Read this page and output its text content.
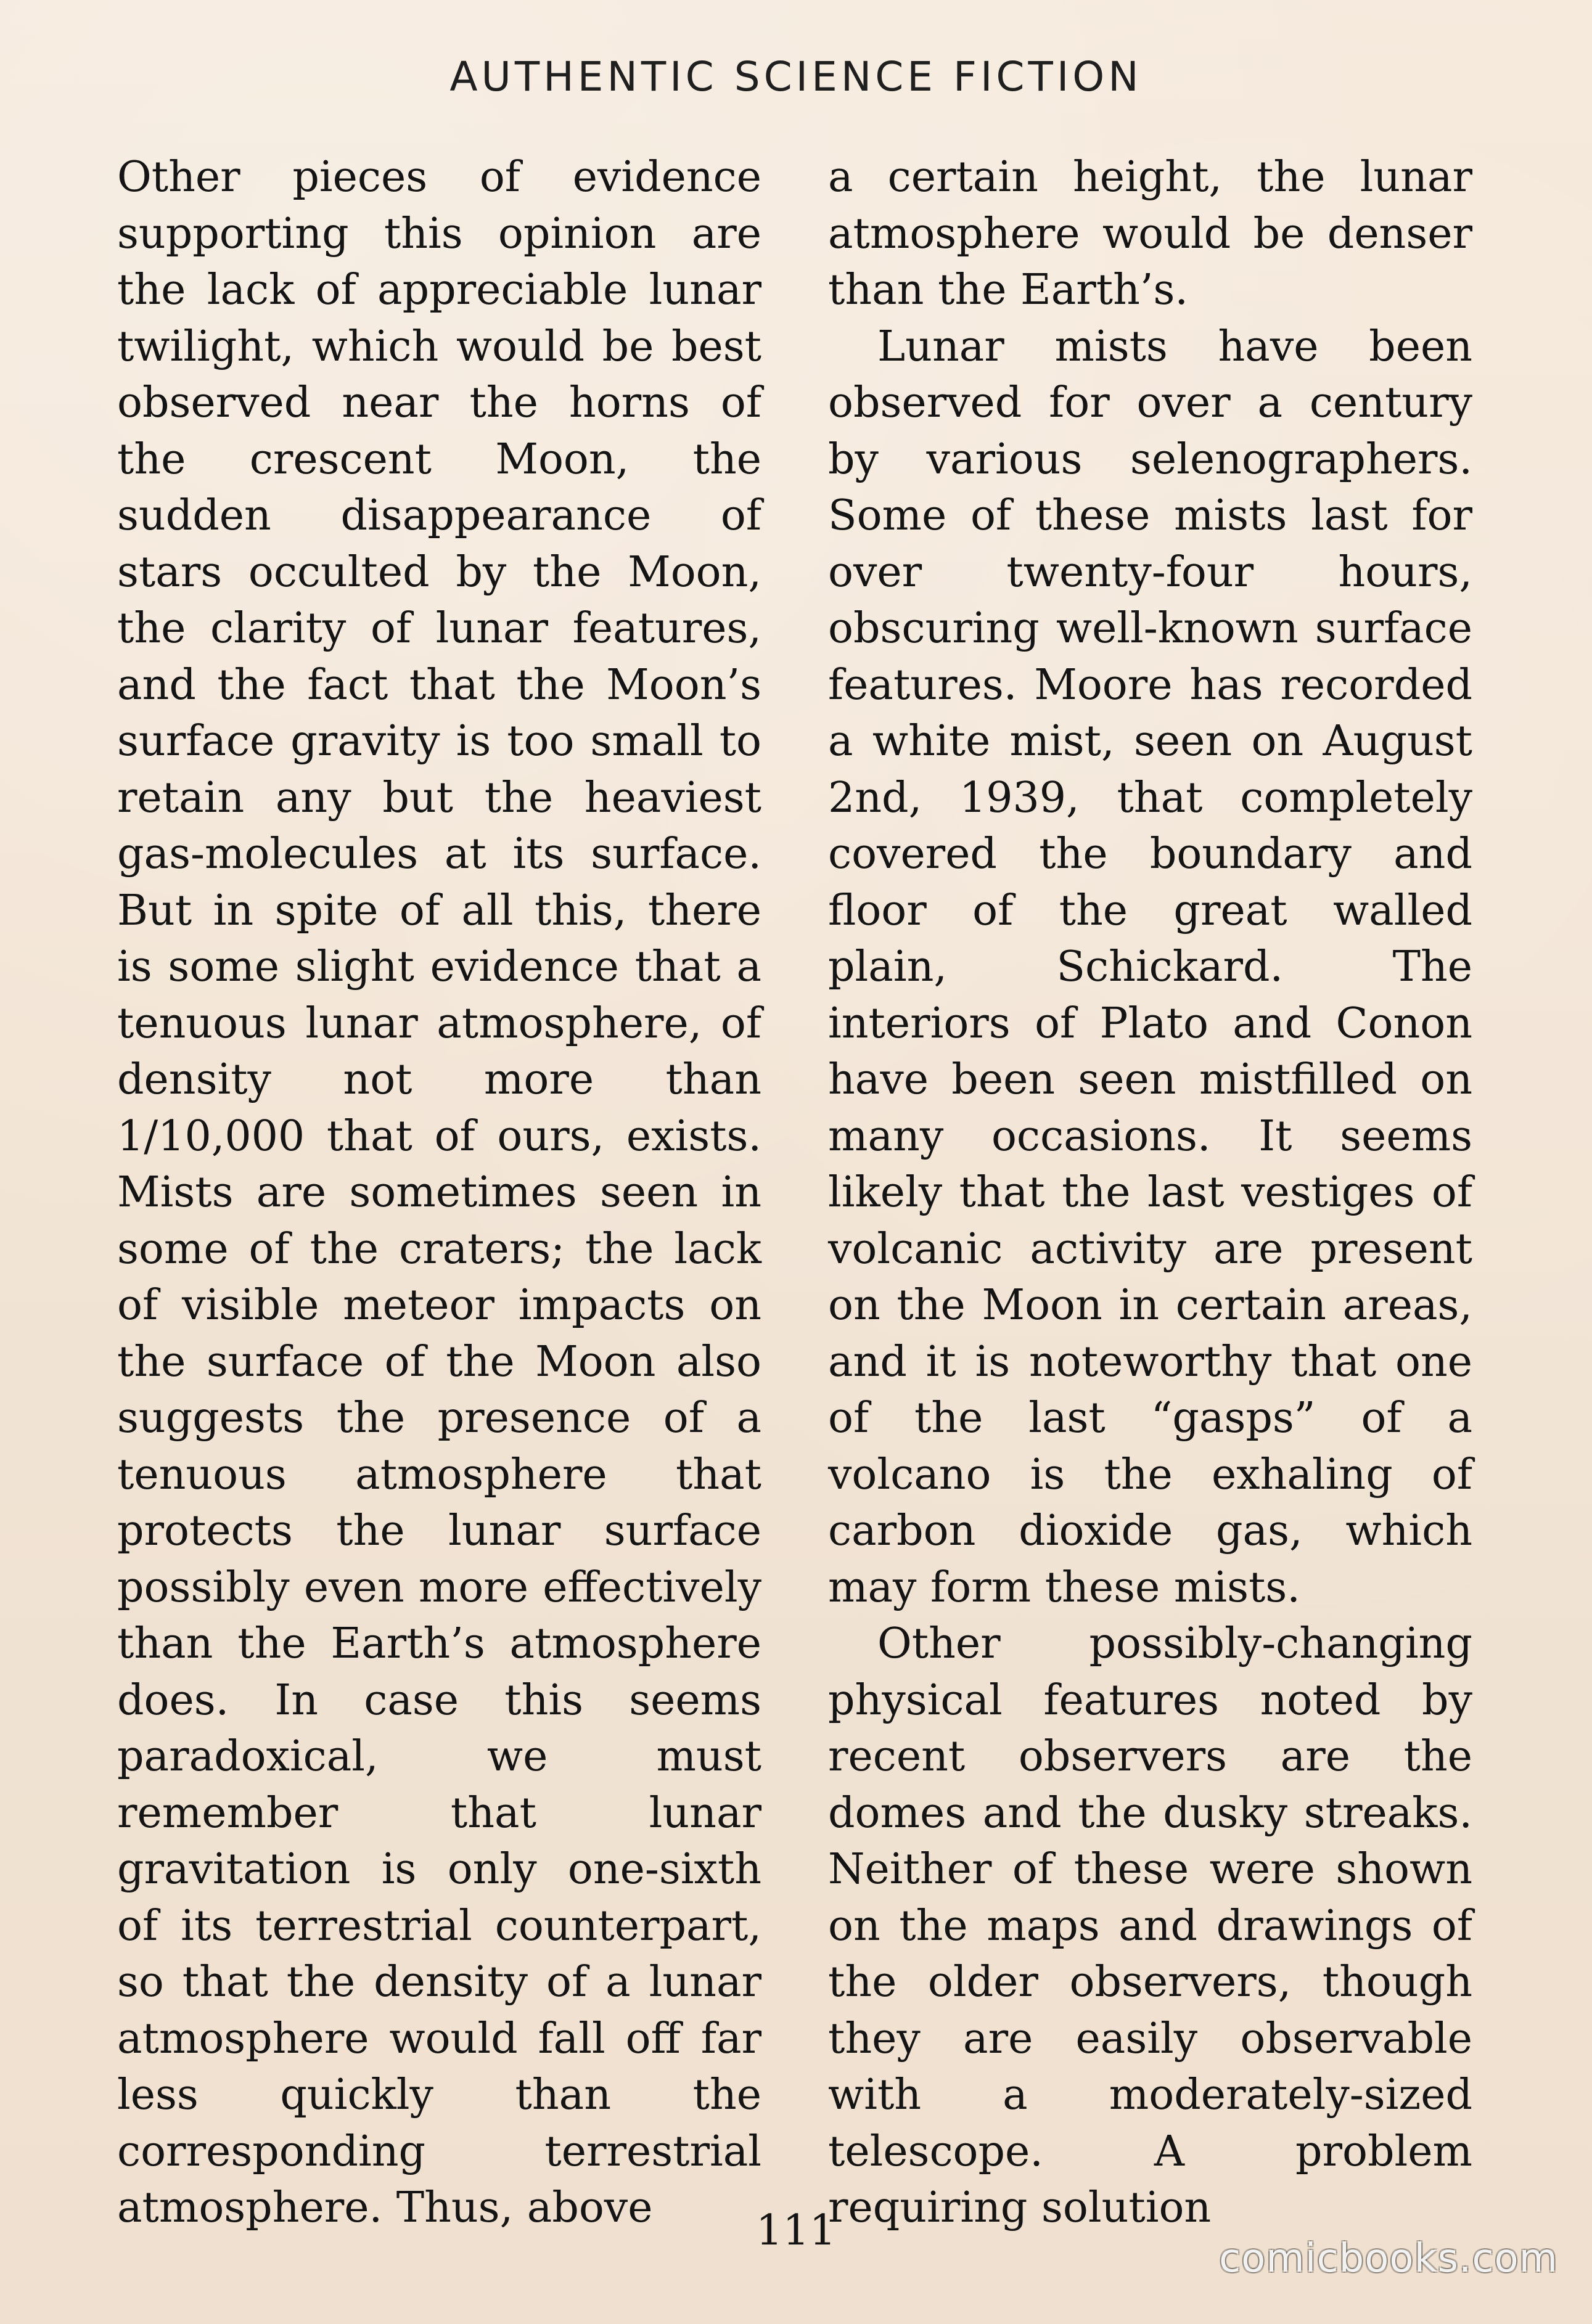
AUTHENTIC SCIENCE FICTION

Other pieces of evidence supporting this opinion are the lack of appreciable lunar twilight, which would be best observed near the horns of the crescent Moon, the sudden disappearance of stars occulted by the Moon, the clarity of lunar features, and the fact that the Moon’s surface gravity is too small to retain any but the heaviest gas-molecules at its surface. But in spite of all this, there is some slight evidence that a tenuous lunar atmosphere, of density not more than 1/10,000 that of ours, exists. Mists are sometimes seen in some of the craters; the lack of visible meteor impacts on the surface of the Moon also suggests the presence of a tenuous atmosphere that protects the lunar surface possibly even more effectively than the Earth’s atmosphere does. In case this seems paradoxical, we must remember that lunar gravitation is only one-sixth of its terrestrial counterpart, so that the density of a lunar atmosphere would fall off far less quickly than the corresponding terrestrial atmosphere. Thus, above

a certain height, the lunar atmosphere would be denser than the Earth’s.

Lunar mists have been observed for over a century by various selenographers. Some of these mists last for over twenty-four hours, obscuring well-known surface features. Moore has recorded a white mist, seen on August 2nd, 1939, that completely covered the boundary and floor of the great walled plain, Schickard. The interiors of Plato and Conon have been seen mistfilled on many occasions. It seems likely that the last vestiges of volcanic activity are present on the Moon in certain areas, and it is noteworthy that one of the last “gasps” of a volcano is the exhaling of carbon dioxide gas, which may form these mists.

Other possibly-changing physical features noted by recent observers are the domes and the dusky streaks. Neither of these were shown on the maps and drawings of the older observers, though they are easily observable with a moderately-sized telescope. A problem requiring solution

111
comicbooks.com
